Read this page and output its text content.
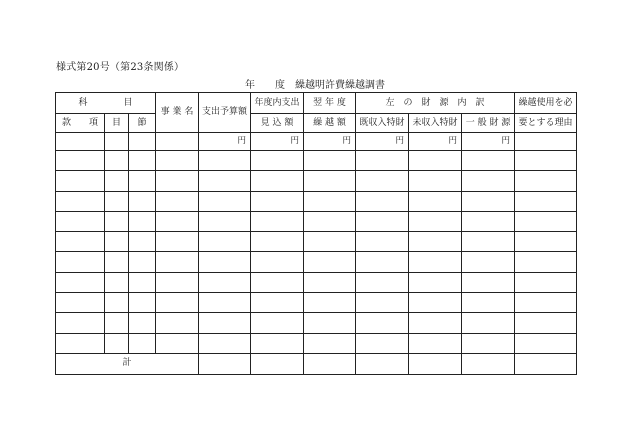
様式第20号（第23条関係）
年　　度　繰越明許費繰越調書
科　　　　目			事 業 名	支出予算額	年度内支出	翌 年 度	左　の　財　源　内　訳			繰越使用を必
款　　項	目	節			見 込 額	繰 越 額	既収入特財	未収入特財	一 般 財 源	要とする理由
				円	円	円	円	円	円	

計										
